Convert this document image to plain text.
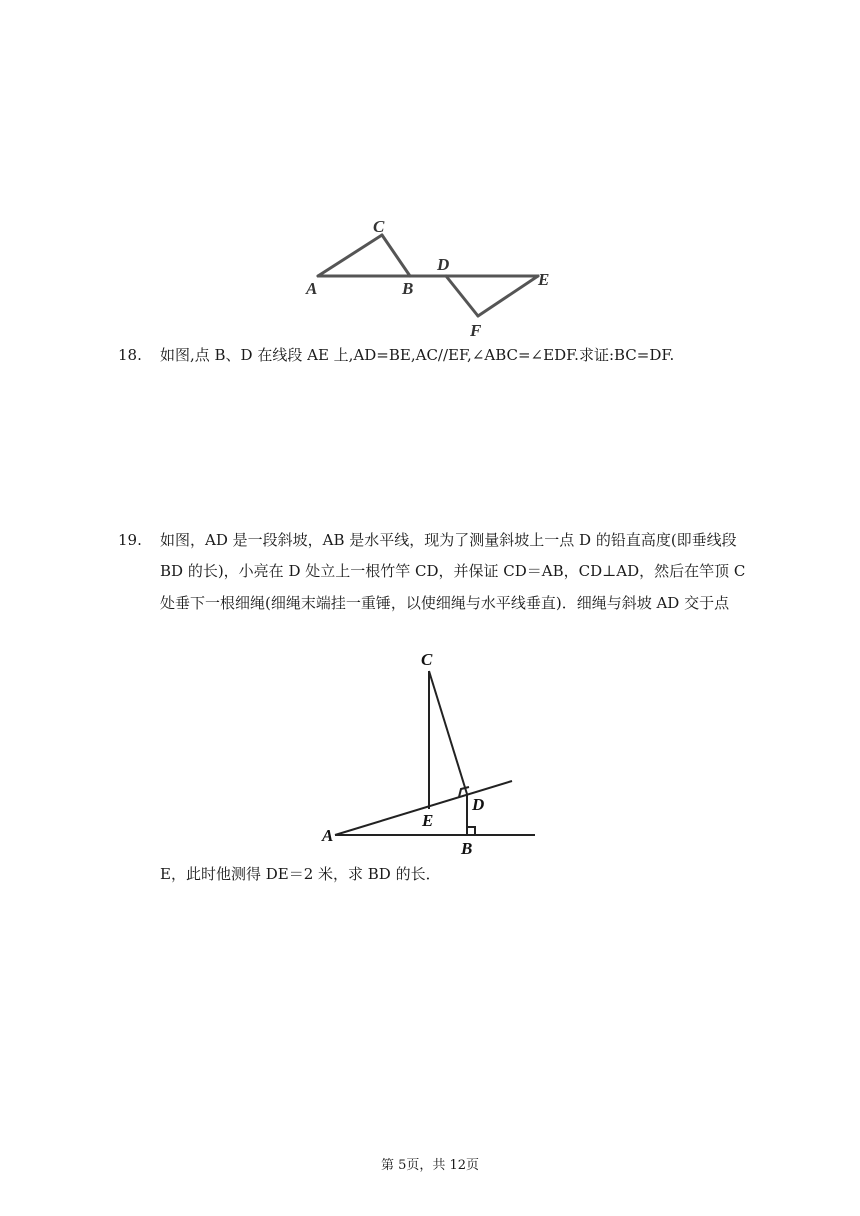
A
C
B
D
E
F
18. 如图,点 B、D 在线段 AE 上,AD=BE,AC//EF,∠ABC=∠EDF.求证:BC=DF.
19. 如图，AD 是一段斜坡，AB 是水平线，现为了测量斜坡上一点 D 的铅直高度(即垂线段
BD 的长)，小亮在 D 处立上一根竹竿 CD，并保证 CD＝AB，CD⊥AD，然后在竿顶 C
处垂下一根细绳(细绳末端挂一重锤，以使细绳与水平线垂直)．细绳与斜坡 AD 交于点
C
D
E
A
B
E，此时他测得 DE＝2 米，求 BD 的长．
第 5页，共 12页
